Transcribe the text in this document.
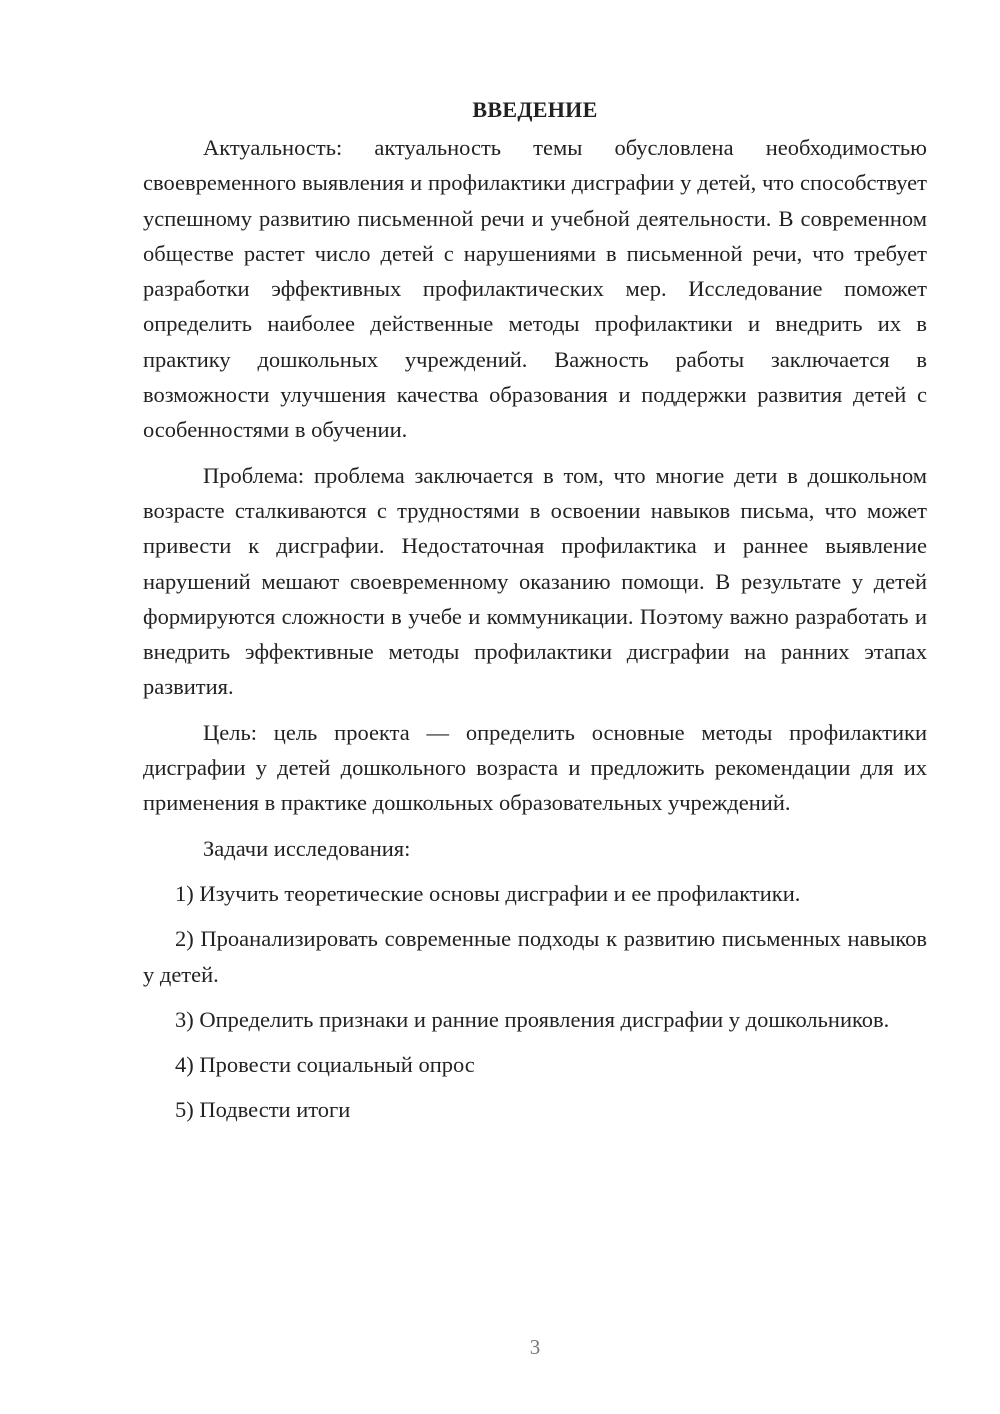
ВВЕДЕНИЕ

Актуальность: актуальность темы обусловлена необходимостью своевременного выявления и профилактики дисграфии у детей, что способствует успешному развитию письменной речи и учебной деятельности. В современном обществе растет число детей с нарушениями в письменной речи, что требует разработки эффективных профилактических мер. Исследование поможет определить наиболее действенные методы профилактики и внедрить их в практику дошкольных учреждений. Важность работы заключается в возможности улучшения качества образования и поддержки развития детей с особенностями в обучении.

Проблема: проблема заключается в том, что многие дети в дошкольном возрасте сталкиваются с трудностями в освоении навыков письма, что может привести к дисграфии. Недостаточная профилактика и раннее выявление нарушений мешают своевременному оказанию помощи. В результате у детей формируются сложности в учебе и коммуникации. Поэтому важно разработать и внедрить эффективные методы профилактики дисграфии на ранних этапах развития.

Цель: цель проекта — определить основные методы профилактики дисграфии у детей дошкольного возраста и предложить рекомендации для их применения в практике дошкольных образовательных учреждений.

Задачи исследования:

1) Изучить теоретические основы дисграфии и ее профилактики.

2) Проанализировать современные подходы к развитию письменных навыков у детей.

3) Определить признаки и ранние проявления дисграфии у дошкольников.

4) Провести социальный опрос

5) Подвести итоги

3
